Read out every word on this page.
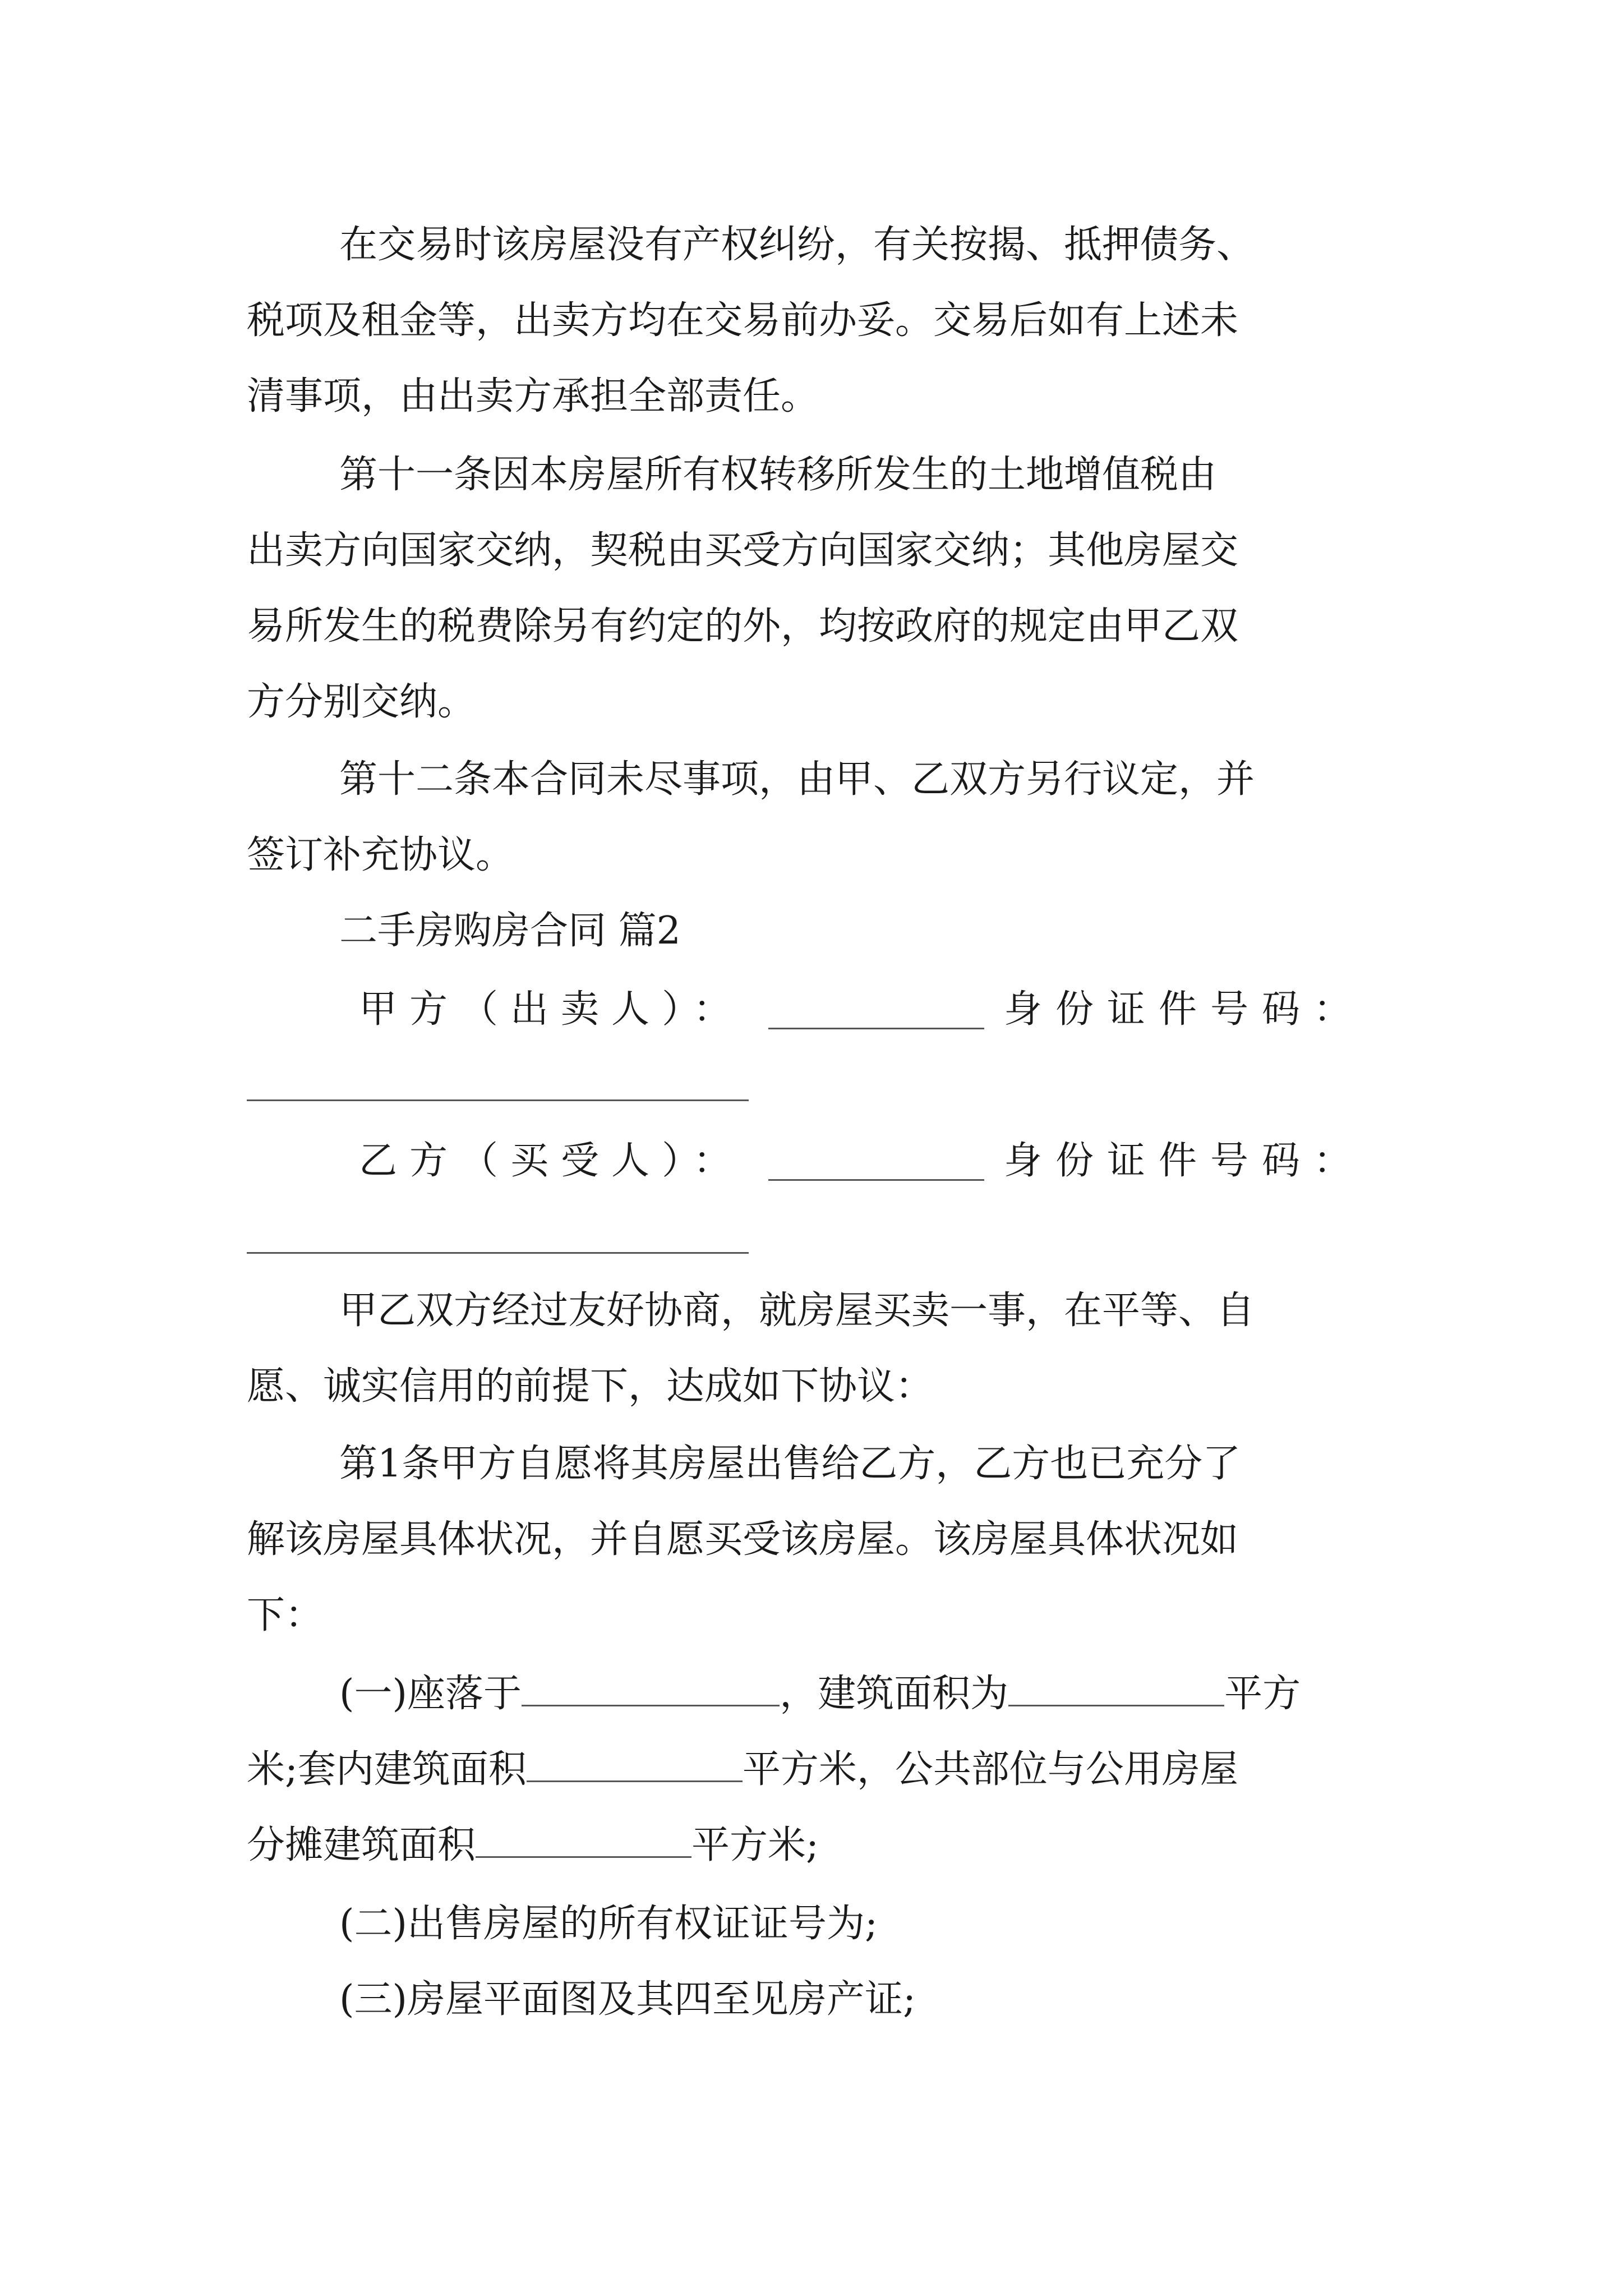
在交易时该房屋没有产权纠纷，有关按揭、抵押债务、
税项及租金等，出卖方均在交易前办妥。交易后如有上述未
清事项，由出卖方承担全部责任。
第十一条因本房屋所有权转移所发生的土地增值税由
出卖方向国家交纳，契税由买受方向国家交纳；其他房屋交
易所发生的税费除另有约定的外，均按政府的规定由甲乙双
方分别交纳。
第十二条本合同未尽事项，由甲、乙双方另行议定，并
签订补充协议。
二手房购房合同 篇2
甲方（出卖人）：	身份证件号码：
乙方（买受人）：	身份证件号码：
甲乙双方经过友好协商，就房屋买卖一事，在平等、自
愿、诚实信用的前提下，达成如下协议：
第1条甲方自愿将其房屋出售给乙方，乙方也已充分了
解该房屋具体状况，并自愿买受该房屋。该房屋具体状况如
下：
(一)座落于	，建筑面积为	平方
米;套内建筑面积	平方米，公共部位与公用房屋
分摊建筑面积	平方米;
(二)出售房屋的所有权证证号为;
(三)房屋平面图及其四至见房产证;
